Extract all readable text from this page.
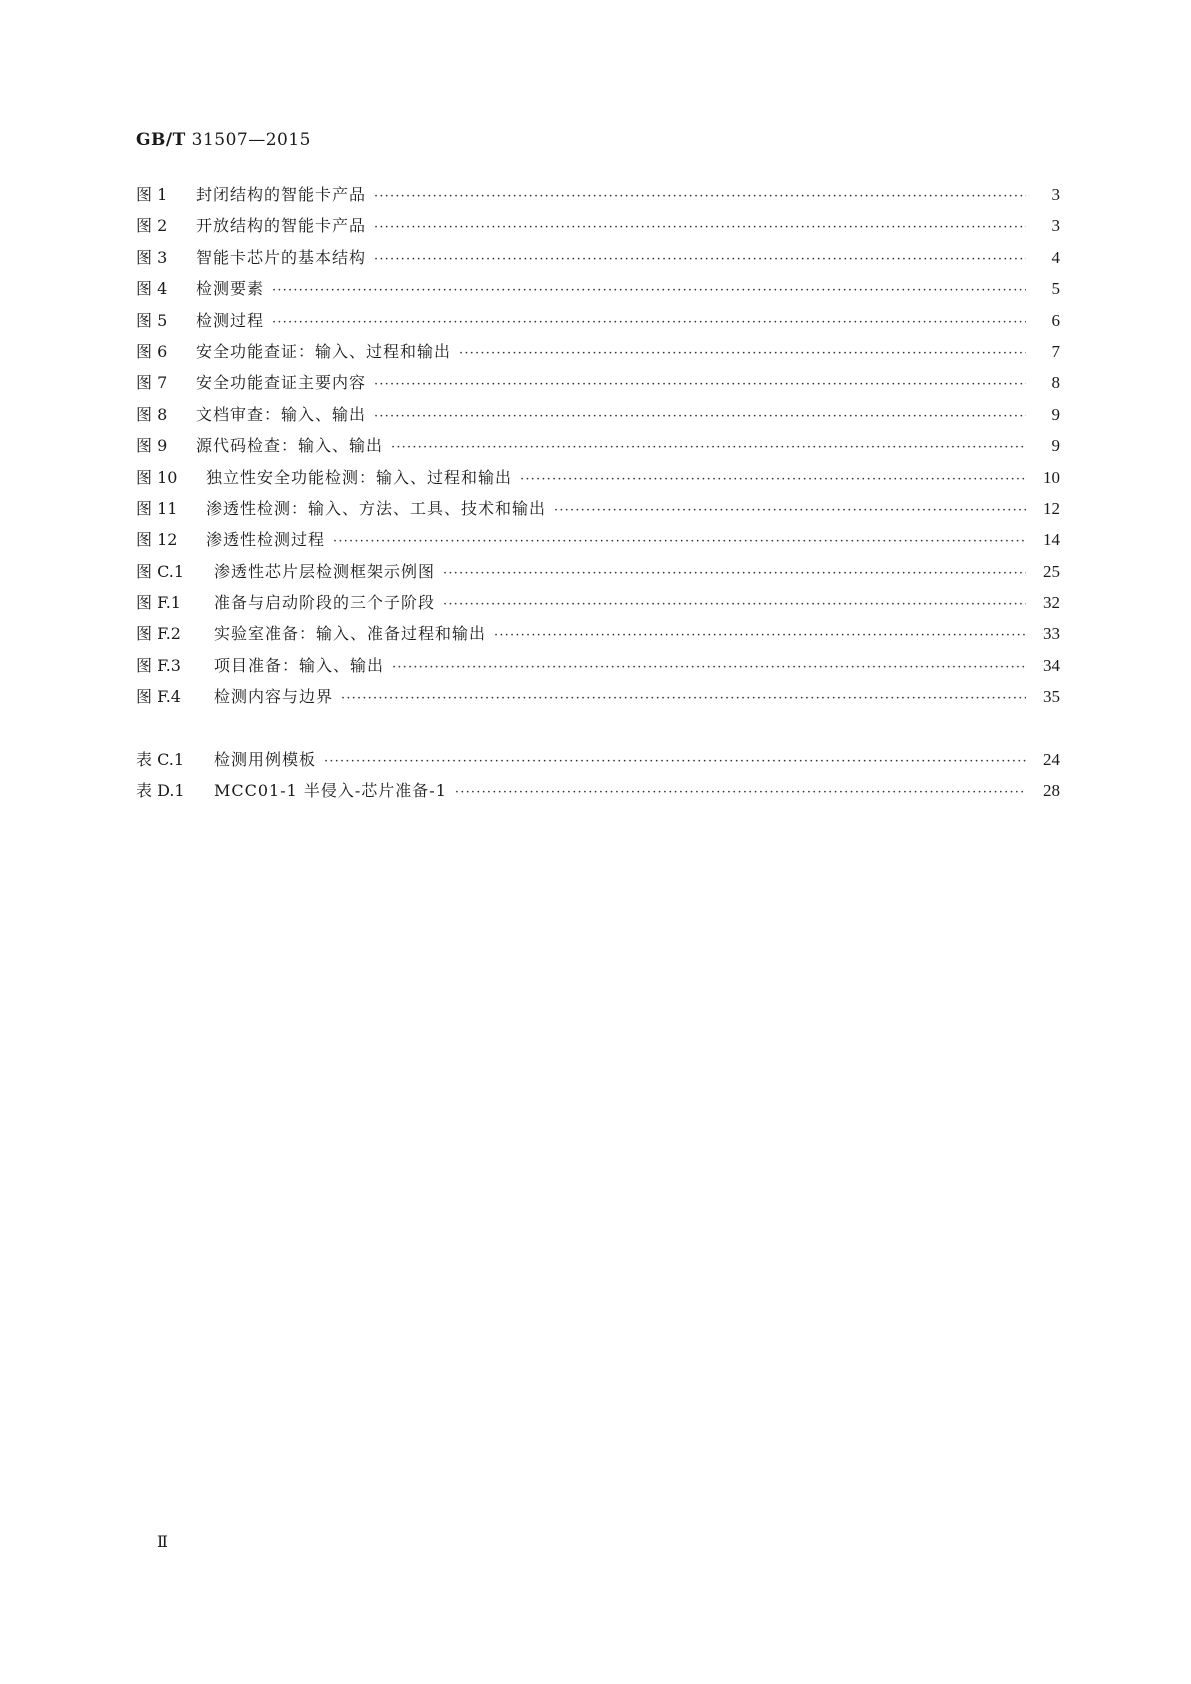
GB/T 31507—2015
图 1	封闭结构的智能卡产品 ·····	3
图 2	开放结构的智能卡产品 ·····	3
图 3	智能卡芯片的基本结构 ·····	4
图 4	检测要素 ·····	5
图 5	检测过程 ·····	6
图 6	安全功能查证：输入、过程和输出 ·····	7
图 7	安全功能查证主要内容 ·····	8
图 8	文档审查：输入、输出 ·····	9
图 9	源代码检查：输入、输出 ·····	9
图 10	独立性安全功能检测：输入、过程和输出 ·····	10
图 11	渗透性检测：输入、方法、工具、技术和输出 ·····	12
图 12	渗透性检测过程 ·····	14
图 C.1	渗透性芯片层检测框架示例图 ·····	25
图 F.1	准备与启动阶段的三个子阶段 ·····	32
图 F.2	实验室准备：输入、准备过程和输出 ·····	33
图 F.3	项目准备：输入、输出 ·····	34
图 F.4	检测内容与边界 ·····	35
表 C.1	检测用例模板 ·····	24
表 D.1	MCC01-1 半侵入-芯片准备-1 ·····	28
Ⅱ
